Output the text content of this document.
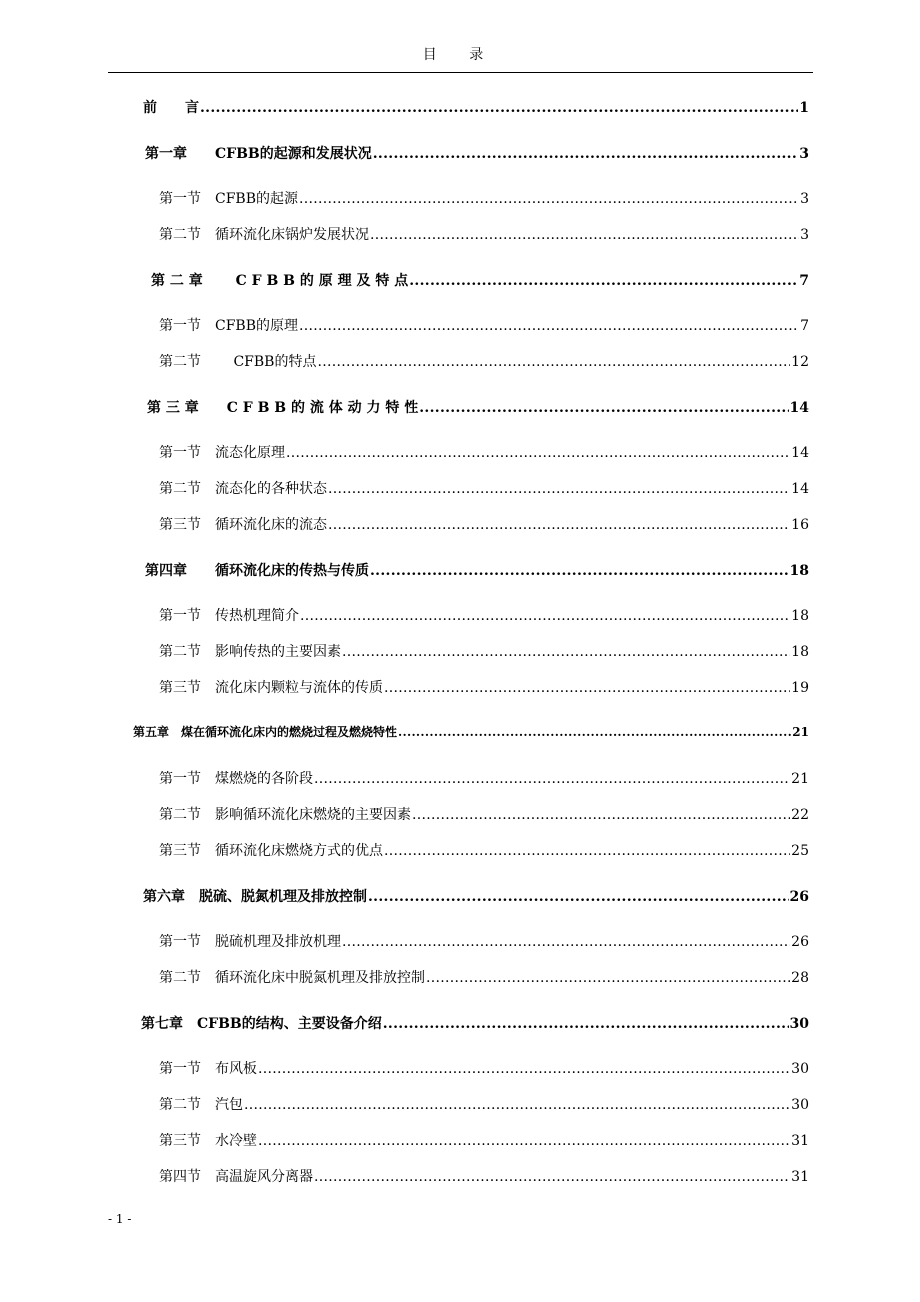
目 录
前　　言 .....	1
第一章　　CFBB的起源和发展状况 .....	3
第一节　CFBB的起源 .....	3
第二节　循环流化床锅炉发展状况 .....	3
第 二 章　　 C F B B 的 原 理 及 特 点 .....	7
第一节　CFBB的原理 .....	7
第二节　　 CFBB的特点 .....	12
第 三 章　　C F B B 的 流 体 动 力 特 性 .....	14
第一节　流态化原理 .....	14
第二节　流态化的各种状态 .....	14
第三节　循环流化床的流态 .....	16
第四章　　循环流化床的传热与传质 .....	18
第一节　传热机理简介 .....	18
第二节　影响传热的主要因素 .....	18
第三节　流化床内颗粒与流体的传质 .....	19
第五章　煤在循环流化床内的燃烧过程及燃烧特性 .....	21
第一节　煤燃烧的各阶段 .....	21
第二节　影响循环流化床燃烧的主要因素 .....	22
第三节　循环流化床燃烧方式的优点 .....	25
第六章　脱硫、脱氮机理及排放控制 .....	26
第一节　脱硫机理及排放机理 .....	26
第二节　循环流化床中脱氮机理及排放控制 .....	28
第七章　CFBB的结构、主要设备介绍 .....	30
第一节　布风板 .....	30
第二节　汽包 .....	30
第三节　水冷壁 .....	31
第四节　高温旋风分离器 .....	31
- 1 -
